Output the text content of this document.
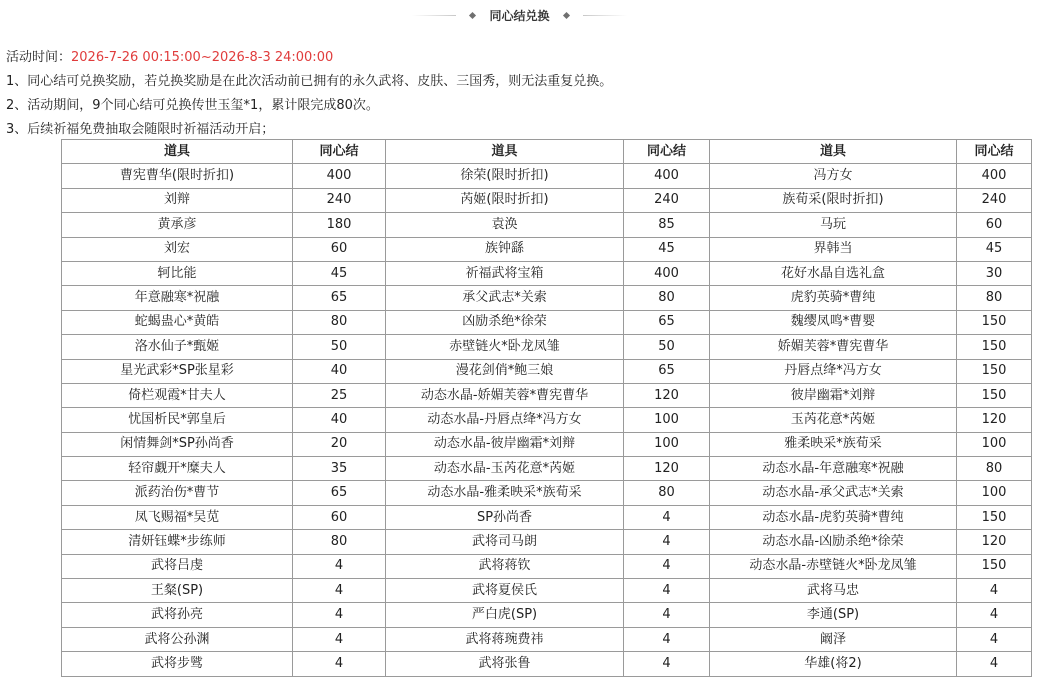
同心结兑换
活动时间：2026-7-26 00:15:00~2026-8-3 24:00:00
1、同心结可兑换奖励，若兑换奖励是在此次活动前已拥有的永久武将、皮肤、三国秀，则无法重复兑换。
2、活动期间，9个同心结可兑换传世玉玺*1，累计限完成80次。
3、后续祈福免费抽取会随限时祈福活动开启；
道具	同心结	道具	同心结	道具	同心结
曹宪曹华(限时折扣)	400	徐荣(限时折扣)	400	冯方女	400
刘辩	240	芮姬(限时折扣)	240	族荀采(限时折扣)	240
黄承彦	180	袁涣	85	马玩	60
刘宏	60	族钟繇	45	界韩当	45
轲比能	45	祈福武将宝箱	400	花好水晶自选礼盒	30
年意融寒*祝融	65	承父武志*关索	80	虎豹英骑*曹纯	80
蛇蝎蛊心*黄皓	80	凶励杀绝*徐荣	65	魏缨凤鸣*曹婴	150
洛水仙子*甄姬	50	赤壁链火*卧龙凤雏	50	娇媚芙蓉*曹宪曹华	150
星光武彩*SP张星彩	40	漫花剑俏*鲍三娘	65	丹唇点绛*冯方女	150
倚栏观霞*甘夫人	25	动态水晶-娇媚芙蓉*曹宪曹华	120	彼岸幽霜*刘辩	150
忧国析民*郭皇后	40	动态水晶-丹唇点绛*冯方女	100	玉芮花意*芮姬	120
闲情舞剑*SP孙尚香	20	动态水晶-彼岸幽霜*刘辩	100	雅柔映采*族荀采	100
轻帘觑开*糜夫人	35	动态水晶-玉芮花意*芮姬	120	动态水晶-年意融寒*祝融	80
派药治伤*曹节	65	动态水晶-雅柔映采*族荀采	80	动态水晶-承父武志*关索	100
凤飞赐福*吴苋	60	SP孙尚香	4	动态水晶-虎豹英骑*曹纯	150
清妍钰蝶*步练师	80	武将司马朗	4	动态水晶-凶励杀绝*徐荣	120
武将吕虔	4	武将蒋钦	4	动态水晶-赤壁链火*卧龙凤雏	150
王粲(SP)	4	武将夏侯氏	4	武将马忠	4
武将孙亮	4	严白虎(SP)	4	李通(SP)	4
武将公孙渊	4	武将蒋琬费祎	4	阚泽	4
武将步骘	4	武将张鲁	4	华雄(将2)	4
